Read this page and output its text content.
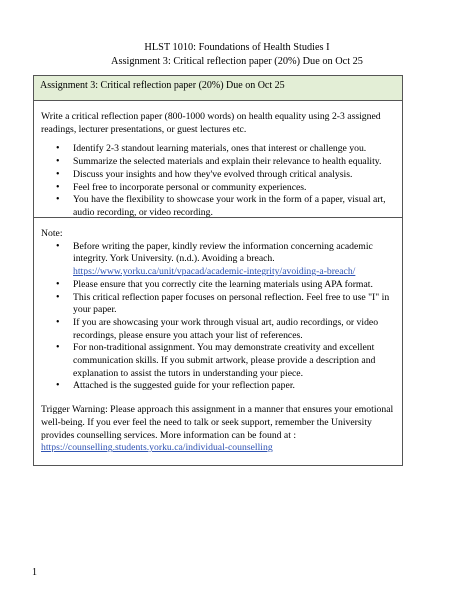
HLST 1010: Foundations of Health Studies I
Assignment 3: Critical reflection paper (20%) Due on Oct 25
Assignment 3: Critical reflection paper (20%) Due on Oct 25

Write a critical reflection paper (800-1000 words) on health equality using 2-3 assigned readings, lecturer presentations, or guest lectures etc.

• Identify 2-3 standout learning materials, ones that interest or challenge you.
• Summarize the selected materials and explain their relevance to health equality.
• Discuss your insights and how they've evolved through critical analysis.
• Feel free to incorporate personal or community experiences.
• You have the flexibility to showcase your work in the form of a paper, visual art, audio recording, or video recording.

Note:

• Before writing the paper, kindly review the information concerning academic integrity. York University. (n.d.). Avoiding a breach.
https://www.yorku.ca/unit/vpacad/academic-integrity/avoiding-a-breach/
• Please ensure that you correctly cite the learning materials using APA format.
• This critical reflection paper focuses on personal reflection. Feel free to use "I" in your paper.
• If you are showcasing your work through visual art, audio recordings, or video recordings, please ensure you attach your list of references.
• For non-traditional assignment. You may demonstrate creativity and excellent communication skills. If you submit artwork, please provide a description and explanation to assist the tutors in understanding your piece.
• Attached is the suggested guide for your reflection paper.

Trigger Warning: Please approach this assignment in a manner that ensures your emotional well-being. If you ever feel the need to talk or seek support, remember the University provides counselling services. More information can be found at :
https://counselling.students.yorku.ca/individual-counselling

1
